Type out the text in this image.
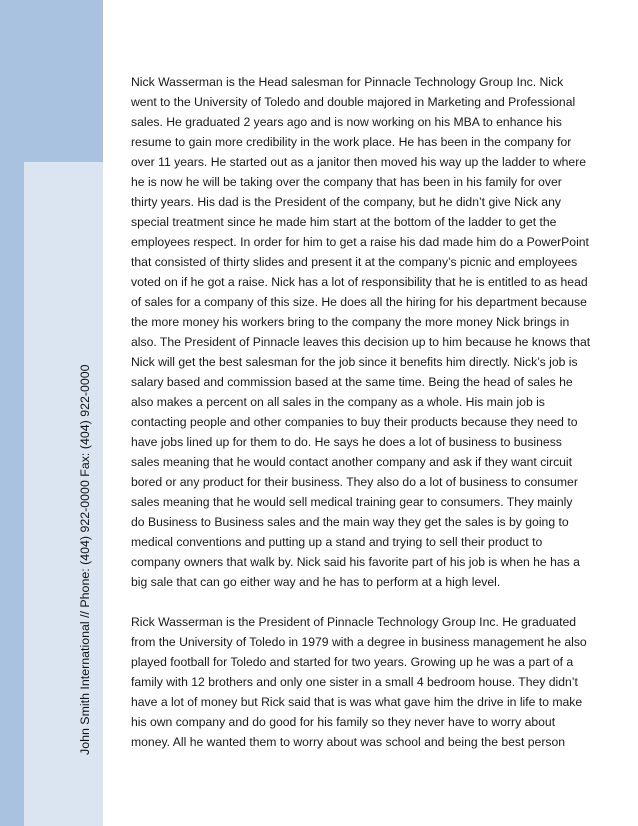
John Smith International // Phone: (404) 922-0000 Fax: (404) 922-0000

Nick Wasserman is the Head salesman for Pinnacle Technology Group Inc. Nick
went to the University of Toledo and double majored in Marketing and Professional
sales. He graduated 2 years ago and is now working on his MBA to enhance his
resume to gain more credibility in the work place. He has been in the company for
over 11 years. He started out as a janitor then moved his way up the ladder to where
he is now he will be taking over the company that has been in his family for over
thirty years. His dad is the President of the company, but he didn’t give Nick any
special treatment since he made him start at the bottom of the ladder to get the
employees respect. In order for him to get a raise his dad made him do a PowerPoint
that consisted of thirty slides and present it at the company’s picnic and employees
voted on if he got a raise. Nick has a lot of responsibility that he is entitled to as head
of sales for a company of this size. He does all the hiring for his department because
the more money his workers bring to the company the more money Nick brings in
also. The President of Pinnacle leaves this decision up to him because he knows that
Nick will get the best salesman for the job since it benefits him directly. Nick’s job is
salary based and commission based at the same time. Being the head of sales he
also makes a percent on all sales in the company as a whole. His main job is
contacting people and other companies to buy their products because they need to
have jobs lined up for them to do. He says he does a lot of business to business
sales meaning that he would contact another company and ask if they want circuit
bored or any product for their business. They also do a lot of business to consumer
sales meaning that he would sell medical training gear to consumers. They mainly
do Business to Business sales and the main way they get the sales is by going to
medical conventions and putting up a stand and trying to sell their product to
company owners that walk by. Nick said his favorite part of his job is when he has a
big sale that can go either way and he has to perform at a high level.

Rick Wasserman is the President of Pinnacle Technology Group Inc. He graduated
from the University of Toledo in 1979 with a degree in business management he also
played football for Toledo and started for two years. Growing up he was a part of a
family with 12 brothers and only one sister in a small 4 bedroom house. They didn’t
have a lot of money but Rick said that is was what gave him the drive in life to make
his own company and do good for his family so they never have to worry about
money. All he wanted them to worry about was school and being the best person
